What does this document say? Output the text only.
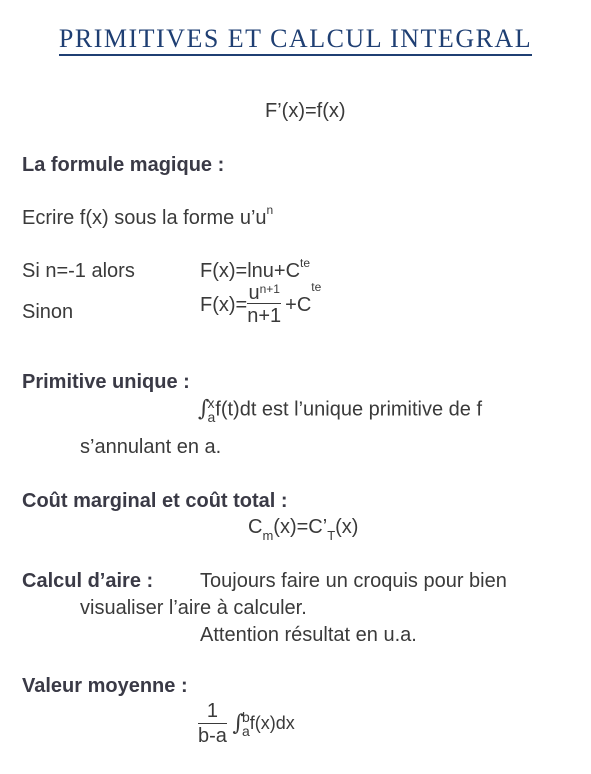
PRIMITIVES ET CALCUL INTEGRAL
F’(x)=f(x)
La formule magique :
Ecrire f(x) sous la forme $u’u^n$
Si n=-1 alors	$F(x)=\ln u+C^{te}$
Sinon	$F(x)= \frac{u^{n+1}}{n+1} +C^{te}$
Primitive unique :
∫
x
a f(t)dt est l’unique primitive de f
s’annulant en a.
Coût marginal et coût total :
$C_m(x)=C’_T(x)$
Calcul d’aire : Toujours faire un croquis pour bien
visualiser l’aire à calculer.
Attention résultat en u.a.
Valeur moyenne :
$\frac{1}{b-a}$ ∫
b
a f(x)dx
